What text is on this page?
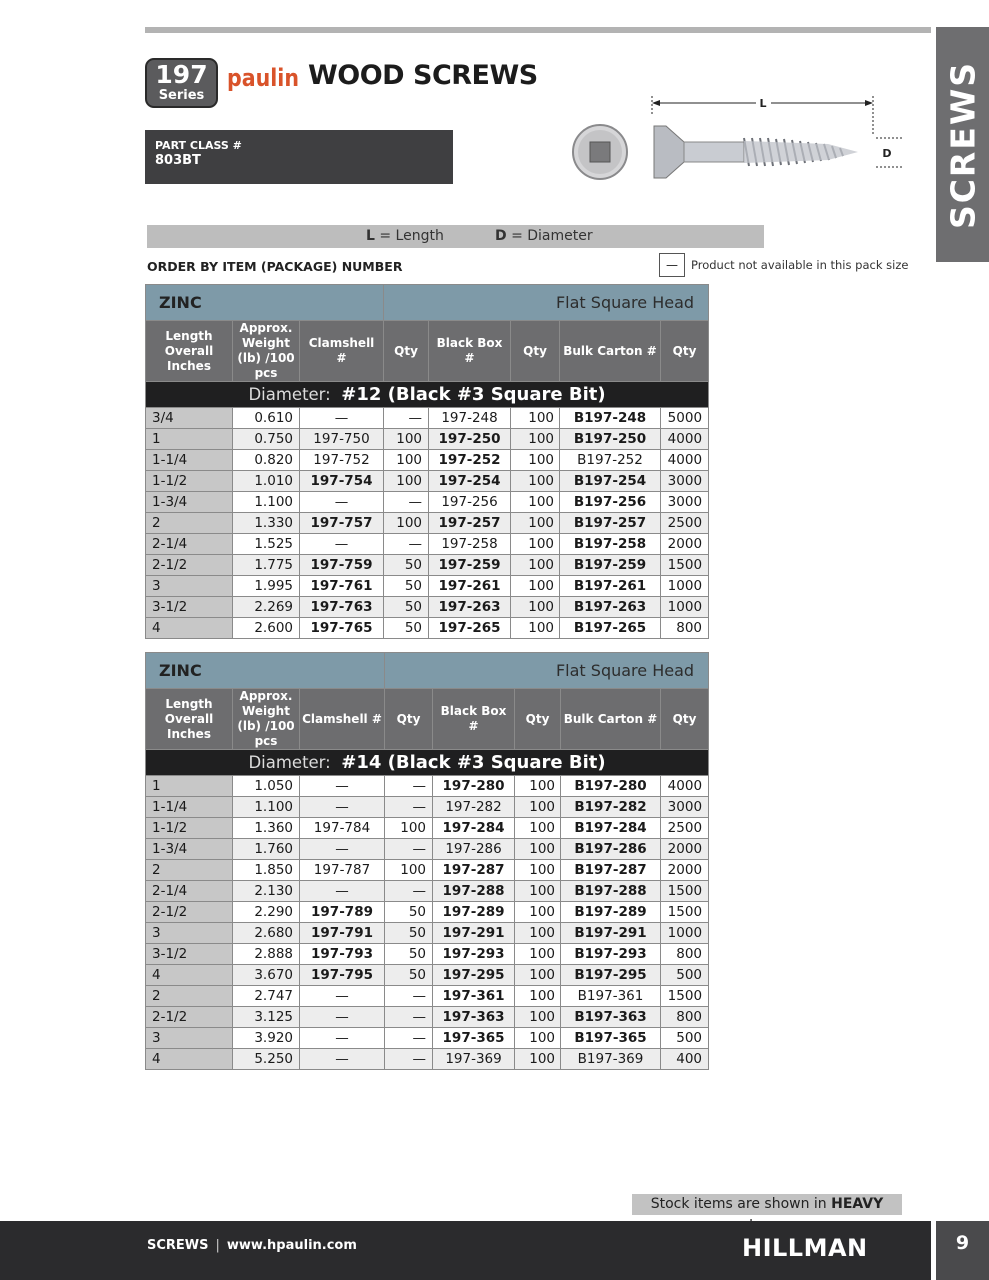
SCREWS
197
Series
paulin WOOD SCREWS
PART CLASS #
803BT
L
D
L = Length	D = Diameter
ORDER BY ITEM (PACKAGE) NUMBER	—	Product not available in this pack size
ZINC			Flat Square Head				
Length Overall Inches	Approx. Weight (lb) /100 pcs	Clamshell #	Qty	Black Box #	Qty	Bulk Carton #	Qty
Diameter: #12 (Black #3 Square Bit)							
3/4	0.610	—	—	197-248	100	B197-248	5000
1	0.750	197-750	100	197-250	100	B197-250	4000
1-1/4	0.820	197-752	100	197-252	100	B197-252	4000
1-1/2	1.010	197-754	100	197-254	100	B197-254	3000
1-3/4	1.100	—	—	197-256	100	B197-256	3000
2	1.330	197-757	100	197-257	100	B197-257	2500
2-1/4	1.525	—	—	197-258	100	B197-258	2000
2-1/2	1.775	197-759	50	197-259	100	B197-259	1500
3	1.995	197-761	50	197-261	100	B197-261	1000
3-1/2	2.269	197-763	50	197-263	100	B197-263	1000
4	2.600	197-765	50	197-265	100	B197-265	800
ZINC			Flat Square Head				
Length Overall Inches	Approx. Weight (lb) /100 pcs	Clamshell #	Qty	Black Box #	Qty	Bulk Carton #	Qty
Diameter: #14 (Black #3 Square Bit)							
1	1.050	—	—	197-280	100	B197-280	4000
1-1/4	1.100	—	—	197-282	100	B197-282	3000
1-1/2	1.360	197-784	100	197-284	100	B197-284	2500
1-3/4	1.760	—	—	197-286	100	B197-286	2000
2	1.850	197-787	100	197-287	100	B197-287	2000
2-1/4	2.130	—	—	197-288	100	B197-288	1500
2-1/2	2.290	197-789	50	197-289	100	B197-289	1500
3	2.680	197-791	50	197-291	100	B197-291	1000
3-1/2	2.888	197-793	50	197-293	100	B197-293	800
4	3.670	197-795	50	197-295	100	B197-295	500
2	2.747	—	—	197-361	100	B197-361	1500
2-1/2	3.125	—	—	197-363	100	B197-363	800
3	3.920	—	—	197-365	100	B197-365	500
4	5.250	—	—	197-369	100	B197-369	400
Stock items are shown in HEAVY
SCREWS | www.hpaulin.com	HILLMAN	9
